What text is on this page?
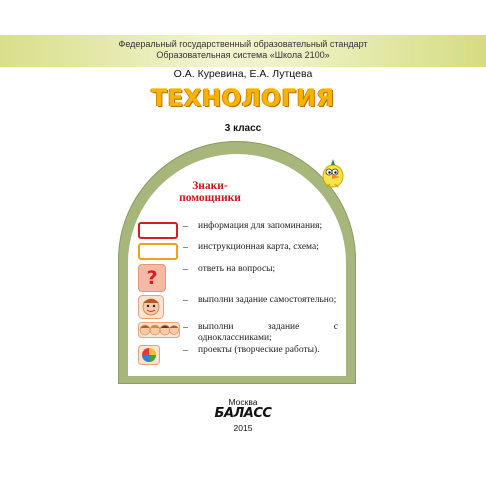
Федеральный государственный образовательный стандарт
Образовательная система «Школа 2100»
О.А. Куревина, Е.А. Лутцева
ТЕХНОЛОГИЯ
3 класс
Знаки-
помощники
– информация для запоминания;
– инструкционная карта, схема;
?	– ответь на вопросы;
– выполни задание самостоятельно;
– выполни задание с одноклассниками;
– проекты (творческие работы).
Москва
БАЛАСС
2015
